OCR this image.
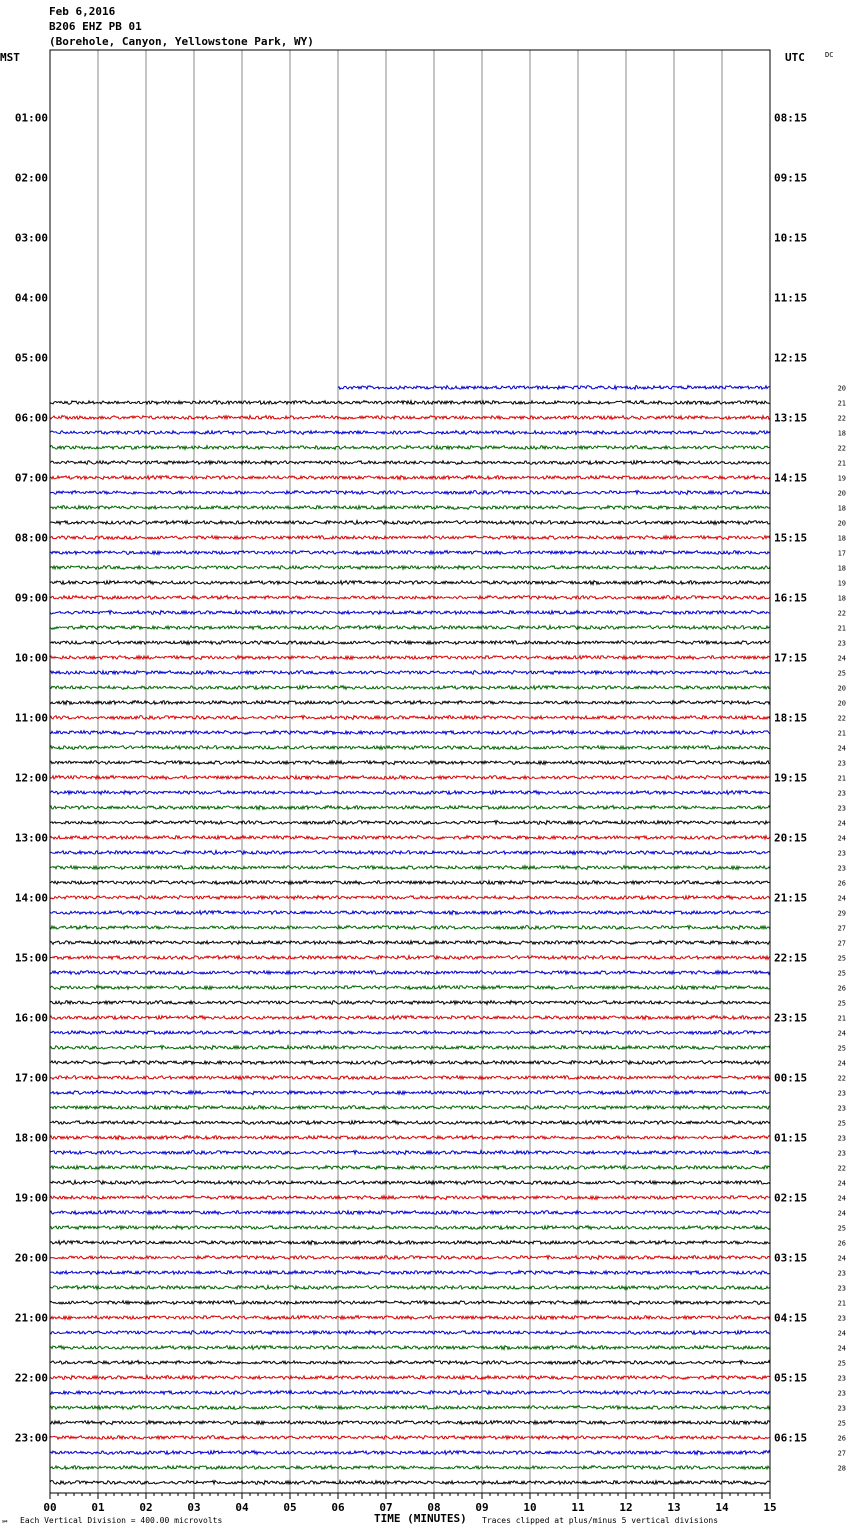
Feb 6,2016
B206 EHZ PB 01
(Borehole, Canyon, Yellowstone Park, WY)
MST	UTC	DC
01:00
02:00
03:00
04:00
05:00
06:00
07:00
08:00
09:00
10:00
11:00
12:00
13:00
14:00
15:00
16:00
17:00
18:00
19:00
20:00
21:00
22:00
23:00
08:15
09:15
10:15
11:15
12:15
13:15
14:15
15:15
16:15
17:15
18:15
19:15
20:15
21:15
22:15
23:15
00:15
01:15
02:15
03:15
04:15
05:15
06:15
20
21
22
18
22
21
19
20
18
20
18
17
18
19
18
22
21
23
24
25
20
20
22
21
24
23
21
23
23
24
24
23
23
26
24
29
27
27
25
25
26
25
21
24
25
24
22
23
23
25
23
23
22
24
24
24
25
26
24
23
23
21
23
24
24
25
23
23
23
25
26
27
28
00	01	02	03	04	05	06	07	08	09	10	11	12	13	14	15
℠ Each Vertical Division = 400.00 microvolts	TIME (MINUTES) Traces clipped at plus/minus 5 vertical divisions
